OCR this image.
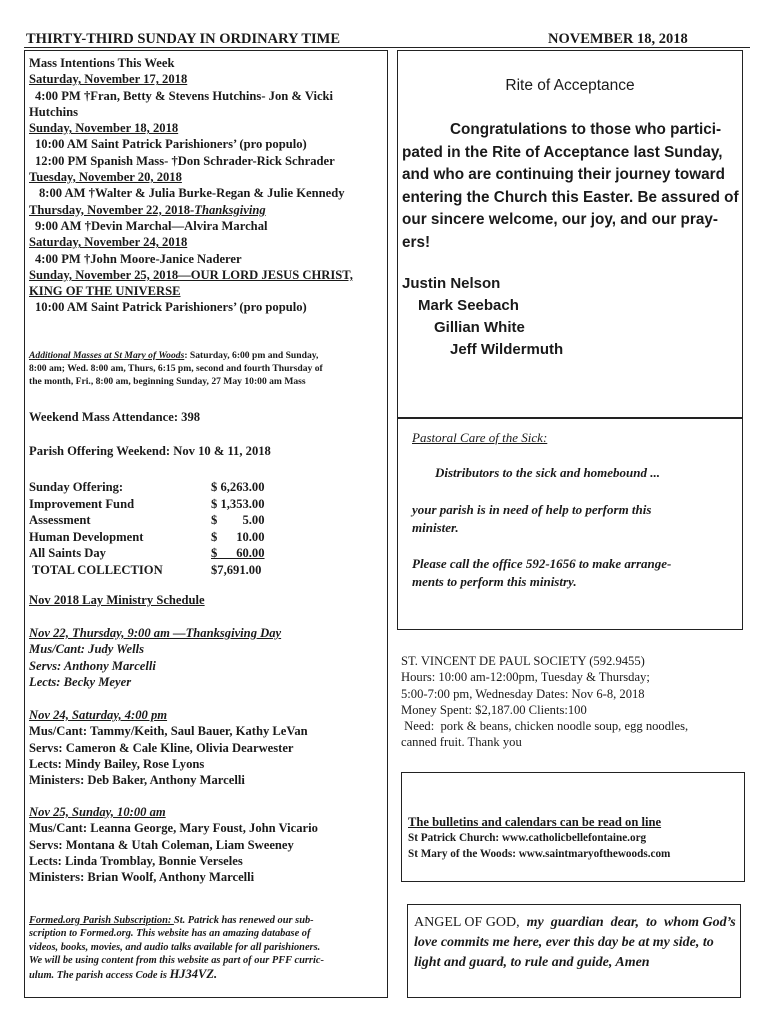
THIRTY-THIRD SUNDAY IN ORDINARY TIME	NOVEMBER 18, 2018
Mass Intentions This Week
Saturday, November 17, 2018
4:00 PM †Fran, Betty & Stevens Hutchins- Jon & Vicki
Hutchins
Sunday, November 18, 2018
10:00 AM Saint Patrick Parishioners’ (pro populo)
12:00 PM Spanish Mass- †Don Schrader-Rick Schrader
Tuesday, November 20, 2018
8:00 AM †Walter & Julia Burke-Regan & Julie Kennedy
Thursday, November 22, 2018-Thanksgiving
9:00 AM †Devin Marchal—Alvira Marchal
Saturday, November 24, 2018
4:00 PM †John Moore-Janice Naderer
Sunday, November 25, 2018—OUR LORD JESUS CHRIST,
KING OF THE UNIVERSE
10:00 AM Saint Patrick Parishioners’ (pro populo)
Additional Masses at St Mary of Woods: Saturday, 6:00 pm and Sunday,
8:00 am; Wed. 8:00 am, Thurs, 6:15 pm, second and fourth Thursday of
the month, Fri., 8:00 am, beginning Sunday, 27 May 10:00 am Mass
Weekend Mass Attendance: 398
Parish Offering Weekend: Nov 10 & 11, 2018
Sunday Offering:	$ 6,263.00
Improvement Fund	$ 1,353.00
Assessment	$        5.00
Human Development	$      10.00
All Saints Day	$      60.00
TOTAL COLLECTION	$7,691.00
Nov 2018 Lay Ministry Schedule
Nov 22, Thursday, 9:00 am —Thanksgiving Day
Mus/Cant: Judy Wells
Servs: Anthony Marcelli
Lects: Becky Meyer
Nov 24, Saturday, 4:00 pm
Mus/Cant: Tammy/Keith, Saul Bauer, Kathy LeVan
Servs: Cameron & Cale Kline, Olivia Dearwester
Lects: Mindy Bailey, Rose Lyons
Ministers: Deb Baker, Anthony Marcelli
Nov 25, Sunday, 10:00 am
Mus/Cant: Leanna George, Mary Foust, John Vicario
Servs: Montana & Utah Coleman, Liam Sweeney
Lects: Linda Tromblay, Bonnie Verseles
Ministers: Brian Woolf, Anthony Marcelli
Formed.org Parish Subscription: St. Patrick has renewed our sub-
scription to Formed.org. This website has an amazing database of
videos, books, movies, and audio talks available for all parishioners.
We will be using content from this website as part of our PFF curric-
ulum. The parish access Code is HJ34VZ.
Rite of Acceptance
Congratulations to those who partici-
pated in the Rite of Acceptance last Sunday,
and who are continuing their journey toward
entering the Church this Easter. Be assured of
our sincere welcome, our joy, and our pray-
ers!
Justin Nelson
Mark Seebach
Gillian White
Jeff Wildermuth
Pastoral Care of the Sick:
Distributors to the sick and homebound ...
your parish is in need of help to perform this
minister.
Please call the office 592-1656 to make arrange-
ments to perform this ministry.
ST. VINCENT DE PAUL SOCIETY (592.9455)
Hours: 10:00 am-12:00pm, Tuesday & Thursday;
5:00-7:00 pm, Wednesday Dates: Nov 6-8, 2018
Money Spent: $2,187.00 Clients:100
Need:  pork & beans, chicken noodle soup, egg noodles,
canned fruit. Thank you
The bulletins and calendars can be read on line
St Patrick Church: www.catholicbellefontaine.org
St Mary of the Woods: www.saintmaryofthewoods.com
ANGEL OF GOD,  my  guardian  dear,  to  whom God’s love commits me here, ever this day be at my side, to light and guard, to rule and guide, Amen
